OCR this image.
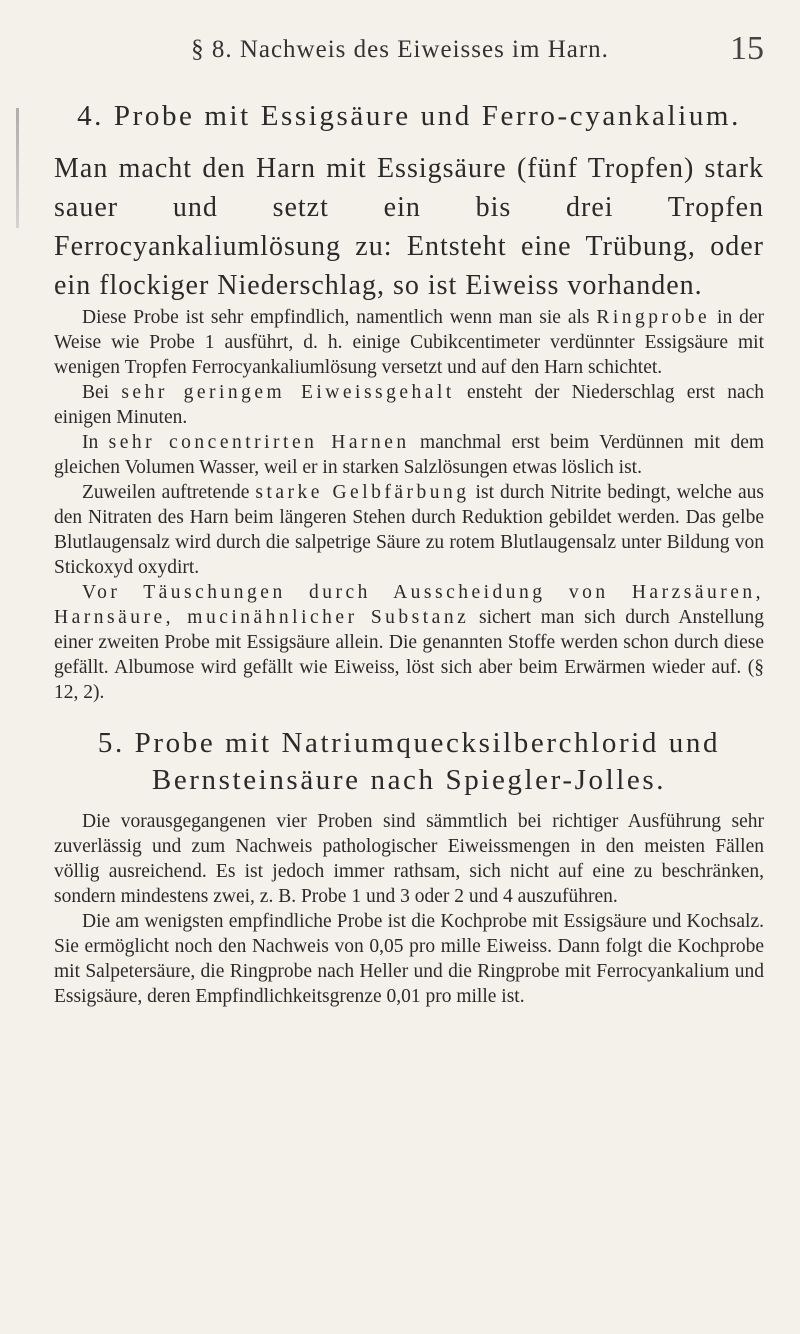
§ 8. Nachweis des Eiweisses im Harn.	15
4. Probe mit Essigsäure und Ferro-cyankalium.

Man macht den Harn mit Essigsäure (fünf Tropfen) stark sauer und setzt ein bis drei Tropfen Ferrocyankaliumlösung zu: Entsteht eine Trübung, oder ein flockiger Niederschlag, so ist Eiweiss vorhanden.

Diese Probe ist sehr empfindlich, namentlich wenn man sie als Ringprobe in der Weise wie Probe 1 ausführt, d. h. einige Cubikcentimeter verdünnter Essigsäure mit wenigen Tropfen Ferrocyankaliumlösung versetzt und auf den Harn schichtet.

Bei sehr geringem Eiweissgehalt ensteht der Niederschlag erst nach einigen Minuten.

In sehr concentrirten Harnen manchmal erst beim Verdünnen mit dem gleichen Volumen Wasser, weil er in starken Salzlösungen etwas löslich ist.

Zuweilen auftretende starke Gelbfärbung ist durch Nitrite bedingt, welche aus den Nitraten des Harn beim längeren Stehen durch Reduktion gebildet werden. Das gelbe Blutlaugensalz wird durch die salpetrige Säure zu rotem Blutlaugensalz unter Bildung von Stickoxyd oxydirt.

Vor Täuschungen durch Ausscheidung von Harzsäuren, Harnsäure, mucinähnlicher Substanz sichert man sich durch Anstellung einer zweiten Probe mit Essigsäure allein. Die genannten Stoffe werden schon durch diese gefällt. Albumose wird gefällt wie Eiweiss, löst sich aber beim Erwärmen wieder auf. (§ 12, 2).

5. Probe mit Natriumquecksilberchlorid und Bernsteinsäure nach Spiegler-Jolles.

Die vorausgegangenen vier Proben sind sämmtlich bei richtiger Ausführung sehr zuverlässig und zum Nachweis pathologischer Eiweissmengen in den meisten Fällen völlig ausreichend. Es ist jedoch immer rathsam, sich nicht auf eine zu beschränken, sondern mindestens zwei, z. B. Probe 1 und 3 oder 2 und 4 auszuführen.

Die am wenigsten empfindliche Probe ist die Kochprobe mit Essigsäure und Kochsalz. Sie ermöglicht noch den Nachweis von 0,05 pro mille Eiweiss. Dann folgt die Kochprobe mit Salpetersäure, die Ringprobe nach Heller und die Ringprobe mit Ferrocyankalium und Essigsäure, deren Empfindlichkeitsgrenze 0,01 pro mille ist.
